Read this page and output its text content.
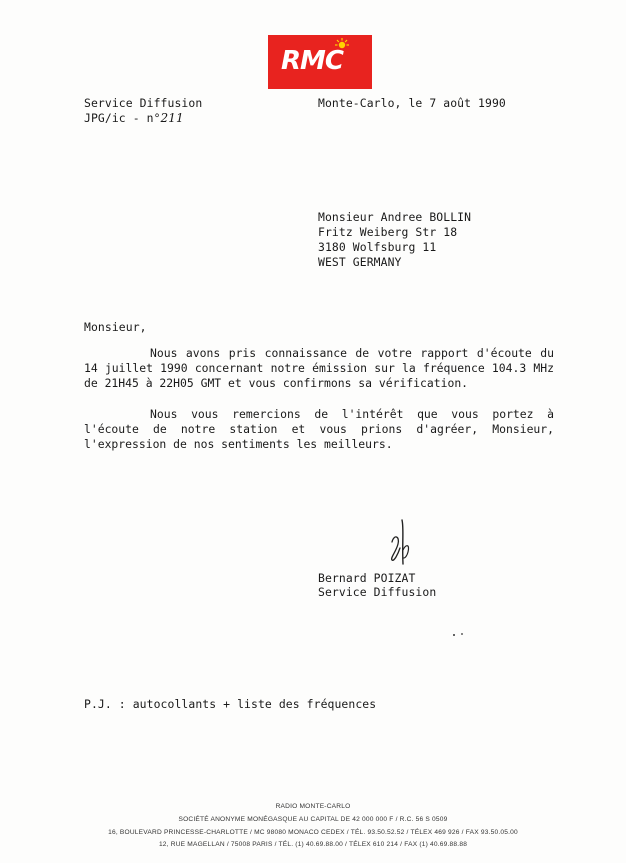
RMC
Service Diffusion
JPG/ic - n°211
Monte-Carlo, le 7 août 1990
Monsieur Andree BOLLIN
Fritz Weiberg Str 18
3180 Wolfsburg 11
WEST GERMANY
Monsieur,

Nous avons pris connaissance de votre rapport d'écoute du 14 juillet 1990 concernant notre émission sur la fréquence 104.3 MHz de 21H45 à 22H05 GMT et vous confirmons sa vérification.

Nous vous remercions de l'intérêt que vous portez à l'écoute de notre station et vous prions d'agréer, Monsieur, l'expression de nos sentiments les meilleurs.

Bernard POIZAT
Service Diffusion
P.J. : autocollants + liste des fréquences
RADIO MONTE-CARLO
SOCIÉTÉ ANONYME MONÉGASQUE AU CAPITAL DE 42 000 000 F / R.C. 56 S 0509
16, BOULEVARD PRINCESSE-CHARLOTTE / MC 98080 MONACO CEDEX / TÉL. 93.50.52.52 / TÉLEX 469 926 / FAX 93.50.05.00
12, RUE MAGELLAN / 75008 PARIS / TÉL. (1) 40.69.88.00 / TÉLEX 610 214 / FAX (1) 40.69.88.88
